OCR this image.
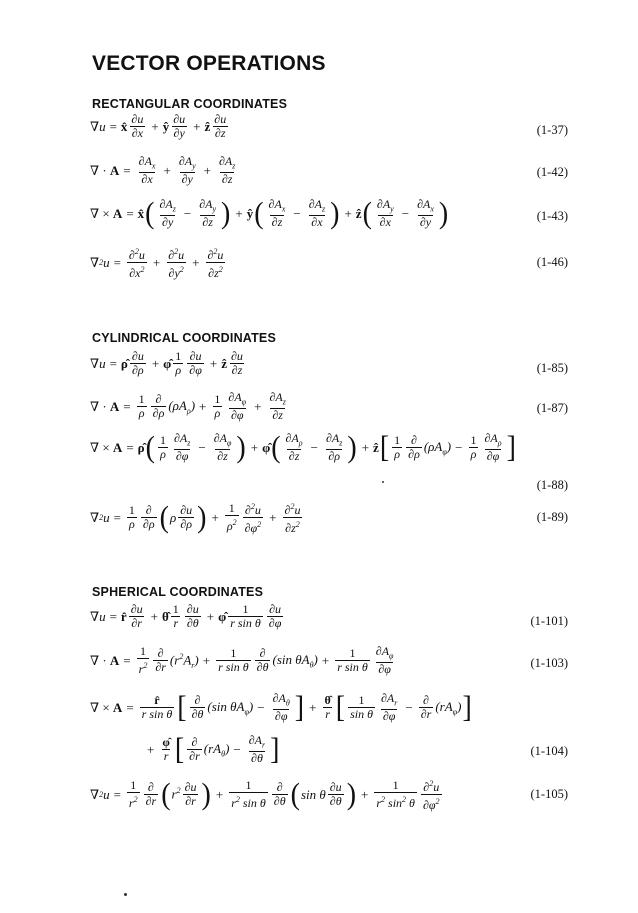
VECTOR OPERATIONS
RECTANGULAR COORDINATES
∇ u = x̂ $\frac{\partial u}{\partial x}$ + ŷ $\frac{\partial u}{\partial y}$ + ẑ $\frac{\partial u}{\partial z}$	(1-37)
∇ · $A = \frac{\partial A_x}{\partial x} + \frac{\partial A_y}{\partial y} + \frac{\partial A_z}{\partial z}$	(1-42)
∇ × A = x̂ ( $\frac{\partial A_z}{\partial y} - \frac{\partial A_y}{\partial z}$ ) + ŷ ( $\frac{\partial A_x}{\partial z} - \frac{\partial A_z}{\partial x}$ ) + ẑ ( $\frac{\partial A_y}{\partial x} - \frac{\partial A_x}{\partial y}$ )	(1-43)
∇ 2 $u = \frac{\partial^2u}{\partial x^2} + \frac{\partial^2u}{\partial y^2} + \frac{\partial^2u}{\partial z^2}$	(1-46)
CYLINDRICAL COORDINATES
∇ u = ρ̂ $\frac{\partial u}{\partial\rho}$ + φ̂ $\frac{1}{\rho} \frac{\partial u}{\partial\varphi}$ + ẑ $\frac{\partial u}{\partial z}$	(1-85)
∇ · $A = \frac{1}{\rho} \frac{\partial}{\partial\rho} (\rho A_\rho) + \frac{1}{\rho} \frac{\partial A_\varphi}{\partial\varphi} + \frac{\partial A_z}{\partial z}$	(1-87)
∇ × A = ρ̂ ( $\frac{1}{\rho} \frac{\partial A_z}{\partial\varphi} - \frac{\partial A_\varphi}{\partial z}$ ) + φ̂ ( $\frac{\partial A_\rho}{\partial z} - \frac{\partial A_z}{\partial\rho}$ ) + ẑ [ $\frac{1}{\rho} \frac{\partial}{\partial\rho} (\rho A_\varphi) - \frac{1}{\rho} \frac{\partial A_\rho}{\partial\varphi}$ ]
(1-88)
∇ 2 $u = \frac{1}{\rho} \frac{\partial}{\partial\rho}$ ( ρ $\frac{\partial u}{\partial\rho}$ ) + $\frac{1}{\rho^2} \frac{\partial^2u}{\partial\varphi^2} + \frac{\partial^2u}{\partial z^2}$	(1-89)
SPHERICAL COORDINATES
∇ u = r̂ $\frac{\partial u}{\partial r}$ + θ̂ $\frac{1}{r} \frac{\partial u}{\partial\theta}$ + φ̂ $\frac{1}{\text{r sin θ}} \frac{\partial u}{\partial\varphi}$	(1-101)
∇ · $A = \frac{1}{r^2} \frac{\partial}{\partial r} (r^2A_r) + \frac{1}{\text{r sin θ}} \frac{\partial}{\partial\theta} (\sin$ $\theta A_\theta) + \frac{1}{\text{r sin θ}} \frac{\partial A_\varphi}{\partial\varphi}$	(1-103)
∇ × $A = \frac{r̂}{\text{r sin θ}}$ [ $\frac{\partial}{\partial\theta} (\sin$ $\theta A_\varphi) - \frac{\partial A_\theta}{\partial\varphi}$ ] + $\frac{\thetâ}{r}$ [ $\frac{1}{\text{sin θ}} \frac{\partial A_r}{\partial\varphi} - \frac{\partial}{\partial r} (rA_\varphi)$ ]
+ $\frac{\varphî}{r}$ [ $\frac{\partial}{\partial r} (rA_\theta) - \frac{\partial A_r}{\partial\theta}$ ]	(1-104)
∇ 2 $u = \frac{1}{r^2} \frac{\partial}{\partial r}$ ( $r^2 \frac{\partial u}{\partial r}$ ) + $\frac{1}{r^2 \sin \theta} \frac{\partial}{\partial\theta}$ ( sin θ $\frac{\partial u}{\partial\theta}$ ) + $\frac{1}{r^2 \sin^2 \theta} \frac{\partial^2u}{\partial\varphi^2}$	(1-105)
